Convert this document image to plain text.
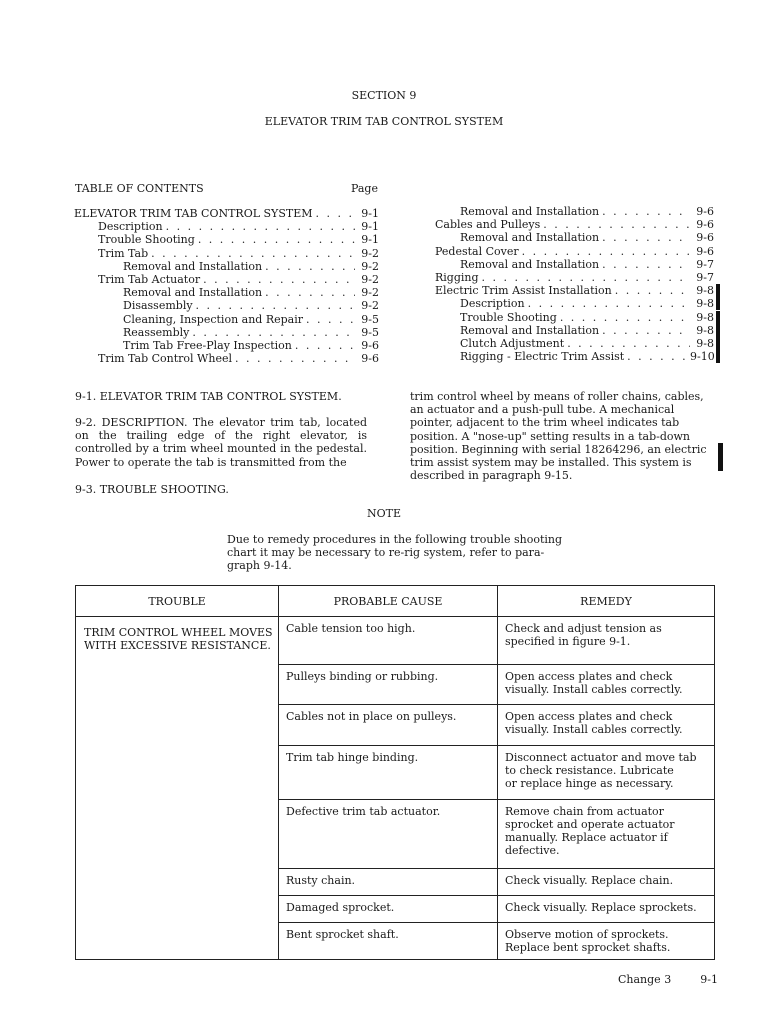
SECTION 9
ELEVATOR TRIM TAB CONTROL SYSTEM
TABLE OF CONTENTS	Page
ELEVATOR TRIM TAB CONTROL SYSTEM . . .	9-1
Description . . .	9-1
Trouble Shooting . . .	9-1
Trim Tab . . .	9-2
Removal and Installation . . .	9-2
Trim Tab Actuator . . .	9-2
Removal and Installation . . .	9-2
Disassembly . . .	9-2
Cleaning, Inspection and Repair . . .	9-5
Reassembly . . .	9-5
Trim Tab Free-Play Inspection . . .	9-6
Trim Tab Control Wheel . . .	9-6
Removal and Installation . . .	9-6
Cables and Pulleys . . .	9-6
Removal and Installation . . .	9-6
Pedestal Cover . . .	9-6
Removal and Installation . . .	9-7
Rigging . . .	9-7
Electric Trim Assist Installation . . .	9-8
Description . . .	9-8
Trouble Shooting . . .	9-8
Removal and Installation . . .	9-8
Clutch Adjustment . . .	9-8
Rigging - Electric Trim Assist . . .	9-10
9-1. ELEVATOR TRIM TAB CONTROL SYSTEM.
9-2. DESCRIPTION. The elevator trim tab, located on the trailing edge of the right elevator, is controlled by a trim wheel mounted in the pedestal. Power to operate the tab is transmitted from the
9-3. TROUBLE SHOOTING.
trim control wheel by means of roller chains, cables,
an actuator and a push-pull tube. A mechanical
pointer, adjacent to the trim wheel indicates tab
position. A "nose-up" setting results in a tab-down
position. Beginning with serial 18264296, an electric
trim assist system may be installed. This system is
described in paragraph 9-15.
NOTE
Due to remedy procedures in the following trouble shooting
chart it may be necessary to re-rig system, refer to para-
graph 9-14.
TROUBLE	PROBABLE CAUSE	REMEDY

TRIM CONTROL WHEEL MOVES
WITH EXCESSIVE RESISTANCE.	Cable tension too high.	Check and adjust tension as
specified in figure 9-1.

	Pulleys binding or rubbing.	Open access plates and check
visually. Install cables correctly.

	Cables not in place on pulleys.	Open access plates and check
visually. Install cables correctly.

	Trim tab hinge binding.	Disconnect actuator and move tab
to check resistance. Lubricate
or replace hinge as necessary.

	Defective trim tab actuator.	Remove chain from actuator
sprocket and operate actuator
manually. Replace actuator if
defective.

	Rusty chain.	Check visually. Replace chain.

	Damaged sprocket.	Check visually. Replace sprockets.

	Bent sprocket shaft.	Observe motion of sprockets.
Replace bent sprocket shafts.
Change 3	9-1
